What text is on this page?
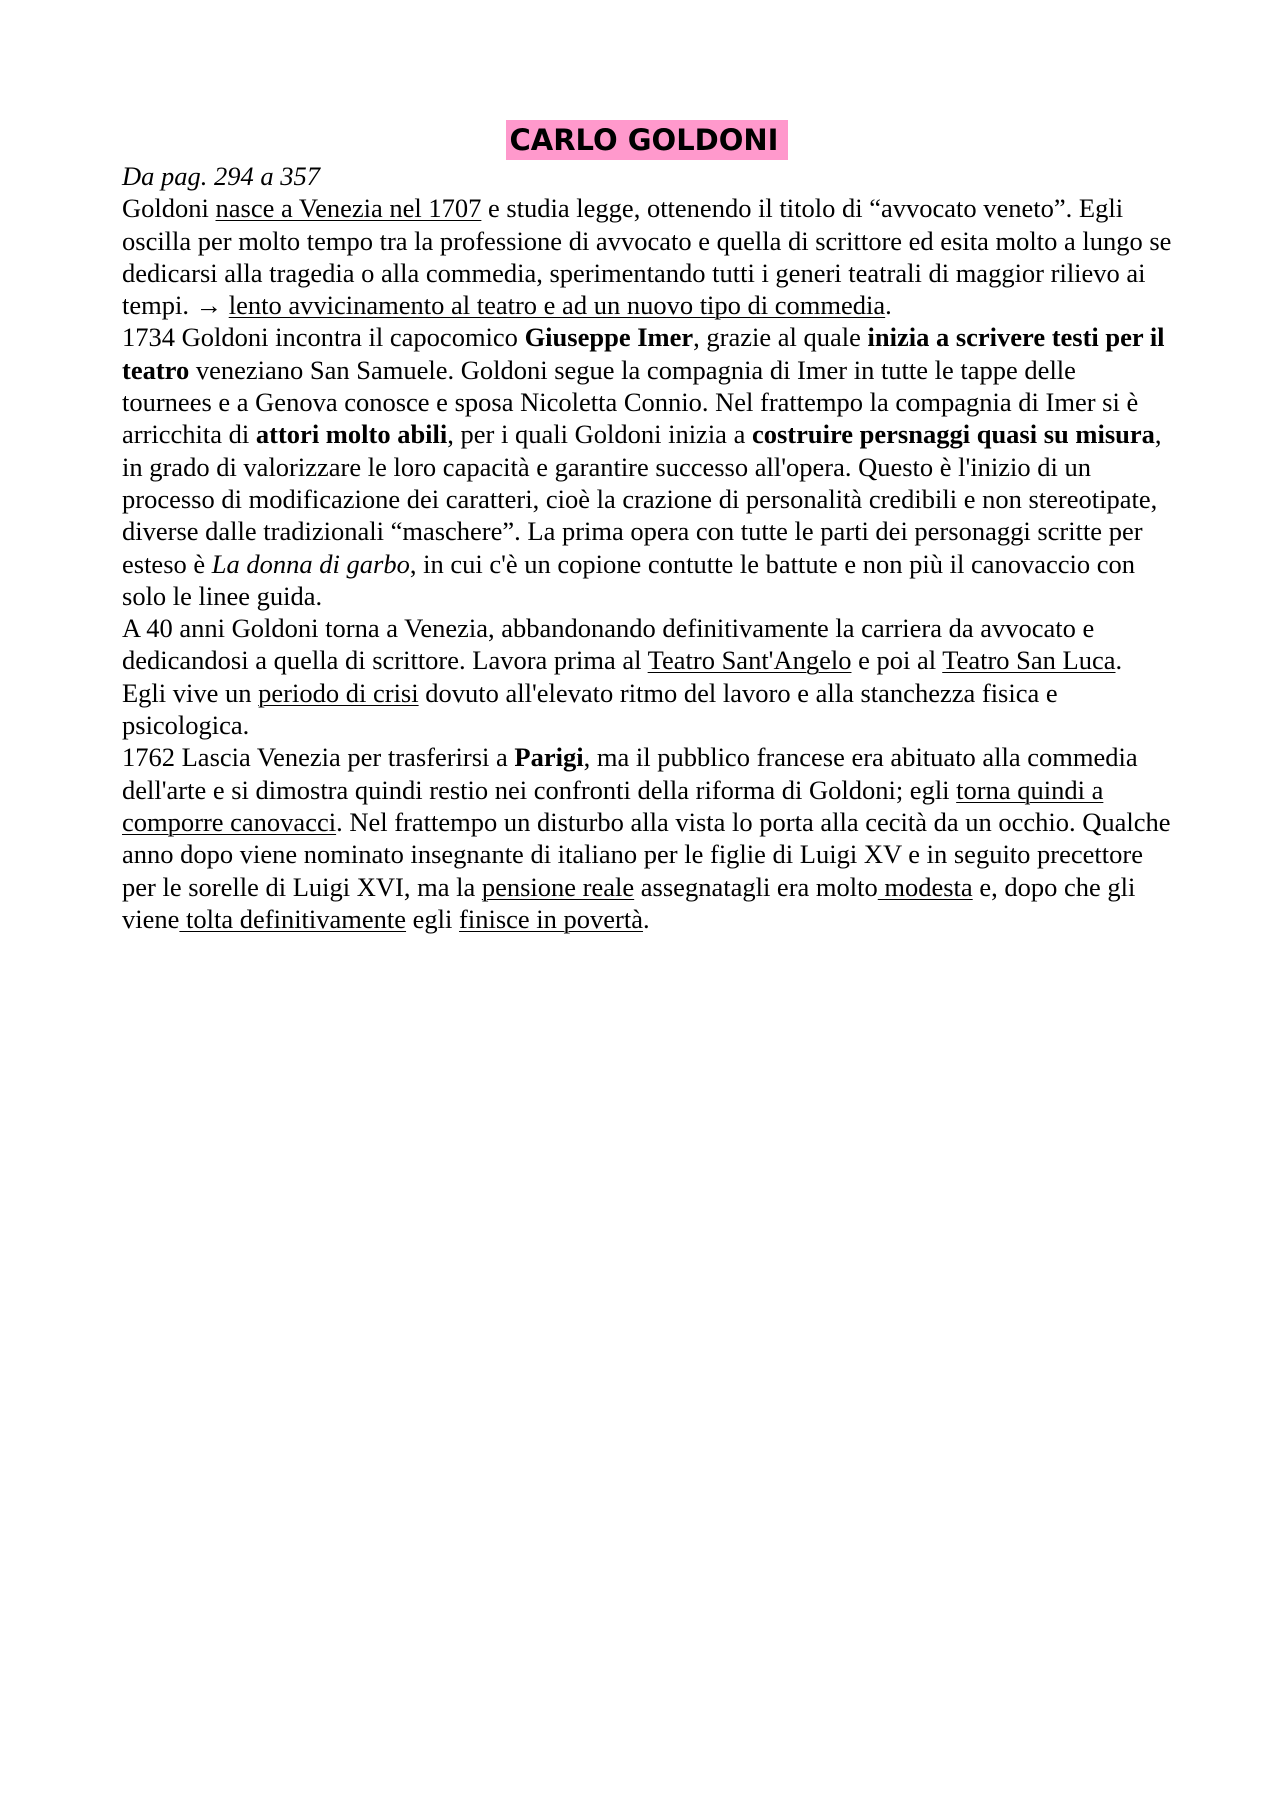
CARLO GOLDONI

Da pag. 294 a 357

Goldoni nasce a Venezia nel 1707 e studia legge, ottenendo il titolo di “avvocato veneto”. Egli oscilla per molto tempo tra la professione di avvocato e quella di scrittore ed esita molto a lungo se dedicarsi alla tragedia o alla commedia, sperimentando tutti i generi teatrali di maggior rilievo ai tempi. → lento avvicinamento al teatro e ad un nuovo tipo di commedia.

1734 Goldoni incontra il capocomico Giuseppe Imer, grazie al quale inizia a scrivere testi per il teatro veneziano San Samuele. Goldoni segue la compagnia di Imer in tutte le tappe delle tournees e a Genova conosce e sposa Nicoletta Connio. Nel frattempo la compagnia di Imer si è arricchita di attori molto abili, per i quali Goldoni inizia a costruire persnaggi quasi su misura, in grado di valorizzare le loro capacità e garantire successo all'opera. Questo è l'inizio di un processo di modificazione dei caratteri, cioè la crazione di personalità credibili e non stereotipate, diverse dalle tradizionali “maschere”. La prima opera con tutte le parti dei personaggi scritte per esteso è La donna di garbo, in cui c'è un copione contutte le battute e non più il canovaccio con solo le linee guida.

A 40 anni Goldoni torna a Venezia, abbandonando definitivamente la carriera da avvocato e dedicandosi a quella di scrittore. Lavora prima al Teatro Sant'Angelo e poi al Teatro San Luca. Egli vive un periodo di crisi dovuto all'elevato ritmo del lavoro e alla stanchezza fisica e psicologica.

1762 Lascia Venezia per trasferirsi a Parigi, ma il pubblico francese era abituato alla commedia dell'arte e si dimostra quindi restio nei confronti della riforma di Goldoni; egli torna quindi a comporre canovacci. Nel frattempo un disturbo alla vista lo porta alla cecità da un occhio. Qualche anno dopo viene nominato insegnante di italiano per le figlie di Luigi XV e in seguito precettore per le sorelle di Luigi XVI, ma la pensione reale assegnatagli era molto modesta e, dopo che gli viene tolta definitivamente egli finisce in povertà.
